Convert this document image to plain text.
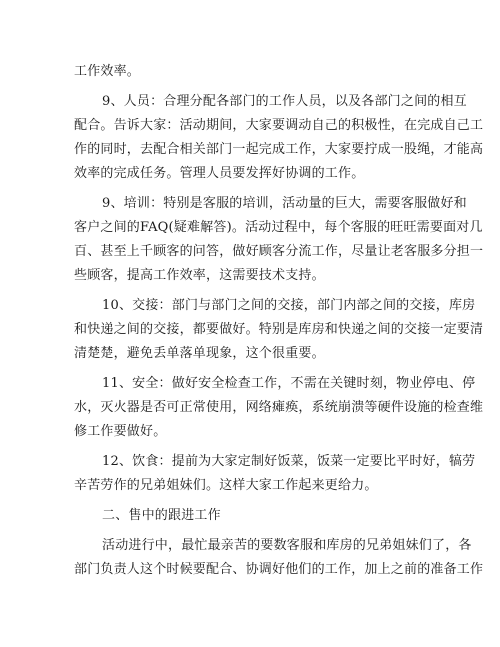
工作效率。
9、人员：合理分配各部门的工作人员，以及各部门之间的相互
配合。告诉大家：活动期间，大家要调动自己的积极性，在完成自己工
作的同时，去配合相关部门一起完成工作，大家要拧成一股绳，才能高
效率的完成任务。管理人员要发挥好协调的工作。
9、培训：特别是客服的培训，活动量的巨大，需要客服做好和
客户之间的FAQ(疑难解答)。活动过程中，每个客服的旺旺需要面对几
百、甚至上千顾客的问答，做好顾客分流工作，尽量让老客服多分担一
些顾客，提高工作效率，这需要技术支持。
10、交接：部门与部门之间的交接，部门内部之间的交接，库房
和快递之间的交接，都要做好。特别是库房和快递之间的交接一定要清
清楚楚，避免丢单落单现象，这个很重要。
11、安全：做好安全检查工作，不需在关键时刻，物业停电、停
水，灭火器是否可正常使用，网络瘫痪，系统崩溃等硬件设施的检查维
修工作要做好。
12、饮食：提前为大家定制好饭菜，饭菜一定要比平时好，犒劳
辛苦劳作的兄弟姐妹们。这样大家工作起来更给力。
二、售中的跟进工作
活动进行中，最忙最亲苦的要数客服和库房的兄弟姐妹们了，各
部门负责人这个时候要配合、协调好他们的工作，加上之前的准备工作
